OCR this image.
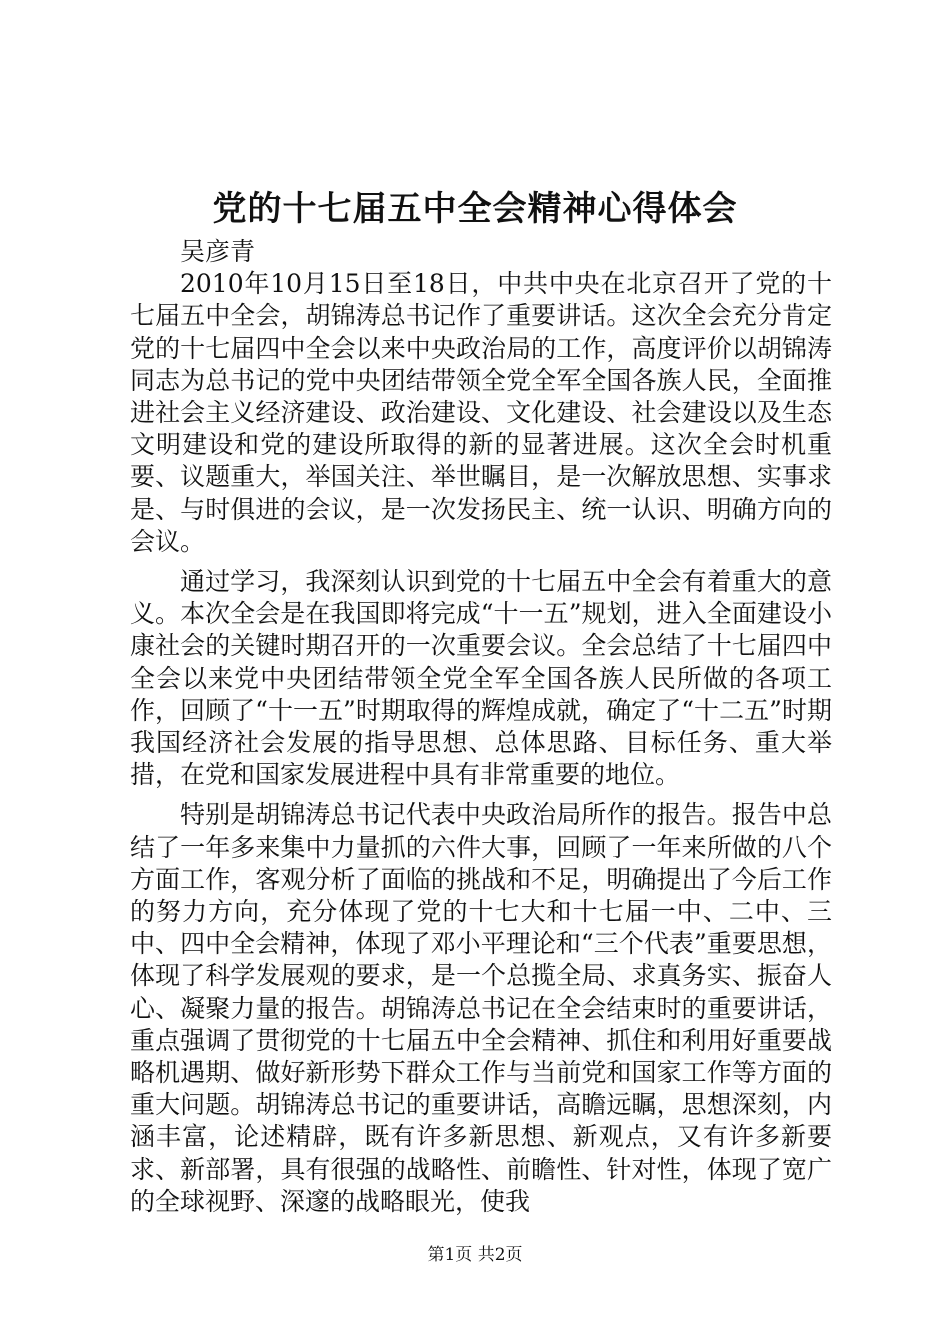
党的十七届五中全会精神心得体会

吴彦青

2010年10月15日至18日，中共中央在北京召开了党的十七届五中全会，胡锦涛总书记作了重要讲话。这次全会充分肯定党的十七届四中全会以来中央政治局的工作，高度评价以胡锦涛同志为总书记的党中央团结带领全党全军全国各族人民，全面推进社会主义经济建设、政治建设、文化建设、社会建设以及生态文明建设和党的建设所取得的新的显著进展。这次全会时机重要、议题重大，举国关注、举世瞩目，是一次解放思想、实事求是、与时俱进的会议，是一次发扬民主、统一认识、明确方向的会议。

通过学习，我深刻认识到党的十七届五中全会有着重大的意义。本次全会是在我国即将完成“十一五”规划，进入全面建设小康社会的关键时期召开的一次重要会议。全会总结了十七届四中全会以来党中央团结带领全党全军全国各族人民所做的各项工作，回顾了“十一五”时期取得的辉煌成就，确定了“十二五”时期我国经济社会发展的指导思想、总体思路、目标任务、重大举措，在党和国家发展进程中具有非常重要的地位。

特别是胡锦涛总书记代表中央政治局所作的报告。报告中总结了一年多来集中力量抓的六件大事，回顾了一年来所做的八个方面工作，客观分析了面临的挑战和不足，明确提出了今后工作的努力方向，充分体现了党的十七大和十七届一中、二中、三中、四中全会精神，体现了邓小平理论和“三个代表”重要思想，体现了科学发展观的要求，是一个总揽全局、求真务实、振奋人心、凝聚力量的报告。胡锦涛总书记在全会结束时的重要讲话，重点强调了贯彻党的十七届五中全会精神、抓住和利用好重要战略机遇期、做好新形势下群众工作与当前党和国家工作等方面的重大问题。胡锦涛总书记的重要讲话，高瞻远瞩，思想深刻，内涵丰富，论述精辟，既有许多新思想、新观点，又有许多新要求、新部署，具有很强的战略性、前瞻性、针对性，体现了宽广的全球视野、深邃的战略眼光，使我

第1页 共2页
